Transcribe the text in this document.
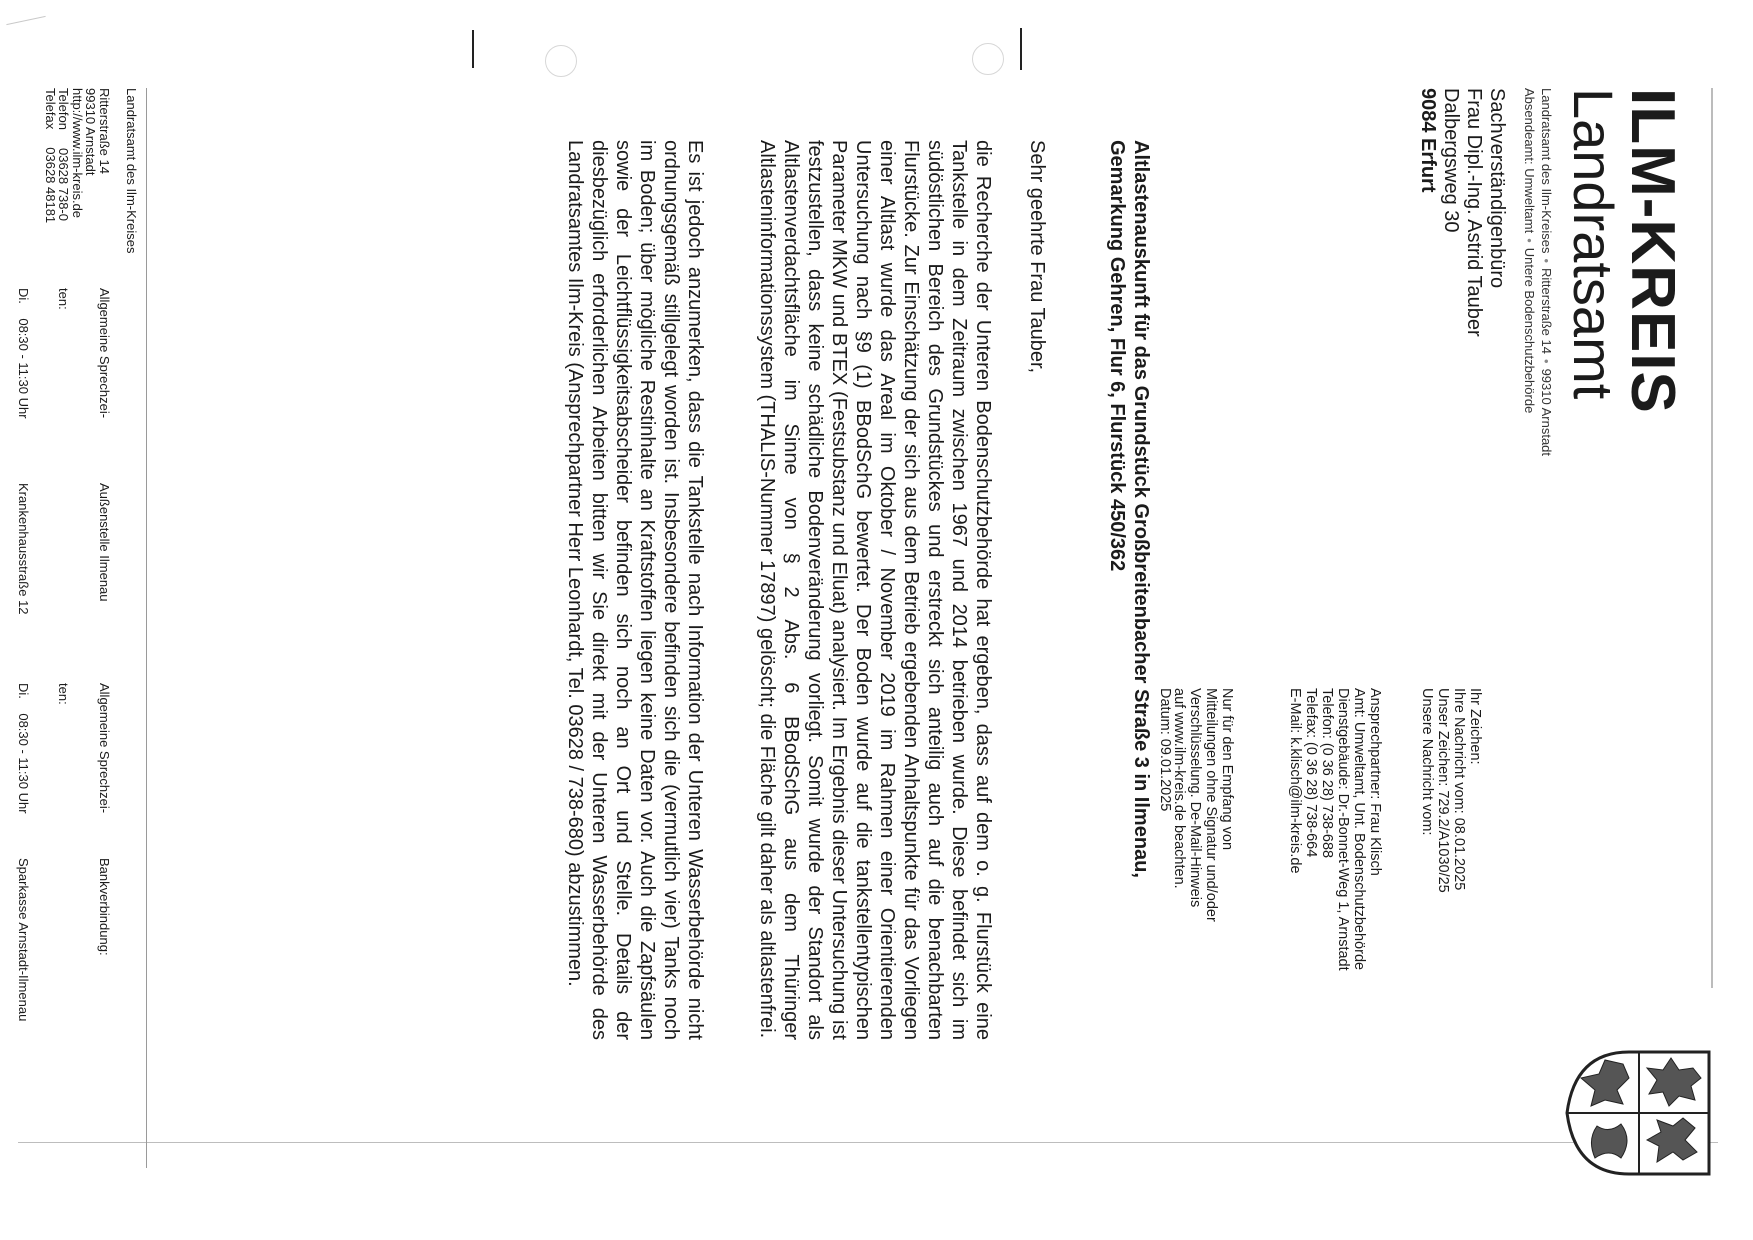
ILM-KREIS
Landratsamt
Landratsamt des Ilm-Kreises•Ritterstraße 14•99310 Arnstadt
Absendeamt: Umweltamt•Untere Bodenschutzbehörde
Sachverständigenbüro
Frau Dipl.-Ing. Astrid Tauber
Dalbergsweg 30
9084 Erfurt
Ihr Zeichen:
Ihre Nachricht vom: 08.01.2025
Unser Zeichen: 729.2/A1030/25
Unsere Nachricht vom:
Ansprechpartner: Frau Klisch
Amt: Umweltamt, Unt. Bodenschutzbehörde
Dienstgebäude: Dr.-Bonnet-Weg 1, Arnstadt
Telefon: (0 36 28) 738-688
Telefax: (0 36 28) 738-664
E-Mail: k.klisch@ilm-kreis.de
Nur für den Empfang von Mitteilungen ohne Signatur und/oder Verschlüsselung. De-Mail-Hinweis auf www.ilm-kreis.de beachten.
Datum: 09.01.2025
Altlastenauskunft für das Grundstück Großbreitenbacher Straße 3 in Ilmenau, Gemarkung Gehren, Flur 6, Flurstück 450/362
Sehr geehrte Frau Tauber,
die Recherche der Unteren Bodenschutzbehörde hat ergeben, dass auf dem o. g. Flurstück eine Tankstelle in dem Zeitraum zwischen 1967 und 2014 betrieben wurde. Diese befindet sich im südöstlichen Bereich des Grundstückes und erstreckt sich anteilig auch auf die benachbarten Flurstücke. Zur Einschätzung der sich aus dem Betrieb ergebenden Anhaltspunkte für das Vorliegen einer Altlast wurde das Areal im Oktober / November 2019 im Rahmen einer Orientierenden Untersuchung nach §9 (1) BBodSchG bewertet. Der Boden wurde auf die tankstellentypischen Parameter MKW und BTEX (Festsubstanz und Eluat) analysiert. Im Ergebnis dieser Untersuchung ist festzustellen, dass keine schädliche Bodenveränderung vorliegt. Somit wurde der Standort als Altlastenverdachtsfläche im Sinne von § 2 Abs. 6 BBodSchG aus dem Thüringer Altlasteninformationssystem (THALIS-Nummer 17897) gelöscht; die Fläche gilt daher als altlastenfrei.
Es ist jedoch anzumerken, dass die Tankstelle nach Information der Unteren Wasserbehörde nicht ordnungsgemäß stillgelegt worden ist. Insbesondere befinden sich die (vermutlich vier) Tanks noch im Boden; über mögliche Restinhalte an Kraftstoffen liegen keine Daten vor. Auch die Zapfsäulen sowie der Leichtflüssigkeitsabscheider befinden sich noch an Ort und Stelle. Details der diesbezüglich erforderlichen Arbeiten bitten wir Sie direkt mit der Unteren Wasserbehörde des Landratsamtes Ilm-Kreis (Ansprechpartner Herr Leonhardt, Tel. 03628 / 738-680) abzustimmen.
Landratsamt des Ilm-Kreises

Ritterstraße 14
99310 Arnstadt
http://www.ilm-kreis.de
Telefon     03628 738-0
Telefax     03628 48181

Allgemeine Sprechzei-

ten:

Di.    08:30 - 11:30 Uhr

Außenstelle Ilmenau

Krankenhausstraße 12

Allgemeine Sprechzei-

ten:

Di.    08:30 - 11:30 Uhr

Bankverbindung:

Sparkasse Arnstadt-Ilmenau
